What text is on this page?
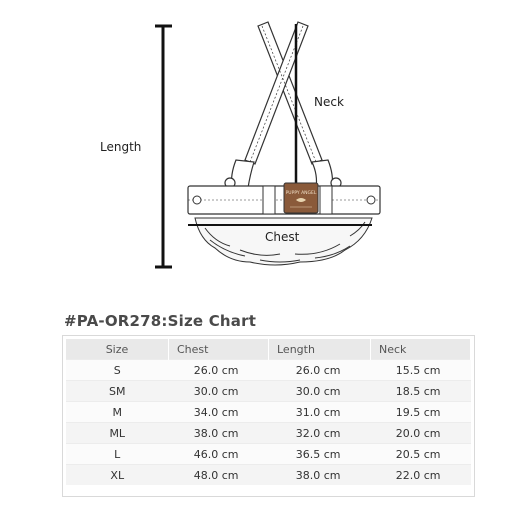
PUPPY ANGEL
Length
Neck
Chest
#PA-OR278:Size Chart
Size	Chest	Length	Neck
S	26.0 cm	26.0 cm	15.5 cm
SM	30.0 cm	30.0 cm	18.5 cm
M	34.0 cm	31.0 cm	19.5 cm
ML	38.0 cm	32.0 cm	20.0 cm
L	46.0 cm	36.5 cm	20.5 cm
XL	48.0 cm	38.0 cm	22.0 cm
